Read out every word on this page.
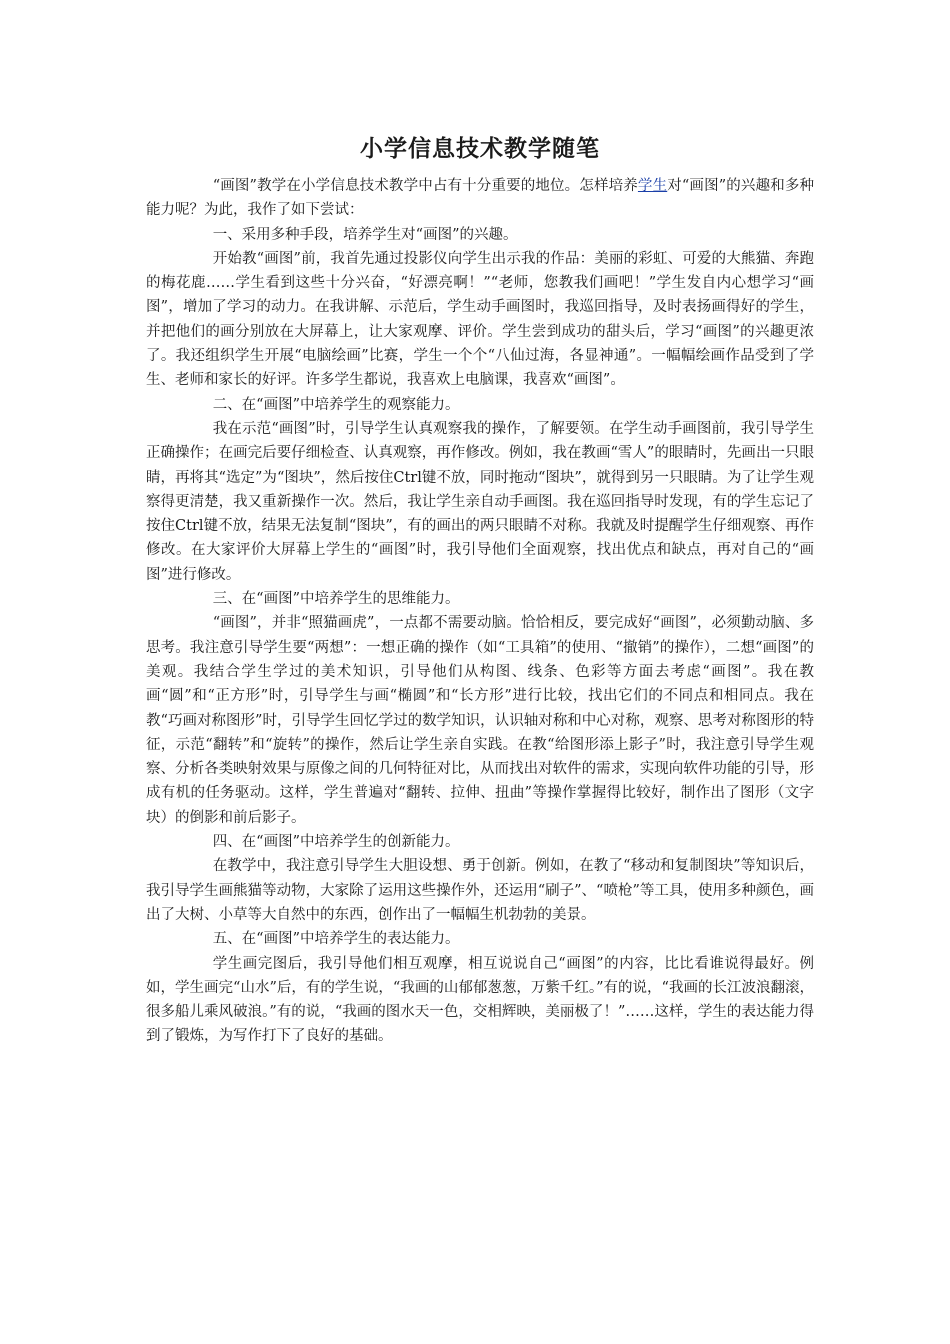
小学信息技术教学随笔

“画图”教学在小学信息技术教学中占有十分重要的地位。怎样培养学生对“画图”的兴趣和多种能力呢？为此，我作了如下尝试：

一、采用多种手段，培养学生对“画图”的兴趣。

开始教“画图”前，我首先通过投影仪向学生出示我的作品：美丽的彩虹、可爱的大熊猫、奔跑的梅花鹿……学生看到这些十分兴奋，“好漂亮啊！”“老师，您教我们画吧！”学生发自内心想学习“画图”，增加了学习的动力。在我讲解、示范后，学生动手画图时，我巡回指导，及时表扬画得好的学生，并把他们的画分别放在大屏幕上，让大家观摩、评价。学生尝到成功的甜头后，学习“画图”的兴趣更浓了。我还组织学生开展“电脑绘画”比赛，学生一个个“八仙过海，各显神通”。一幅幅绘画作品受到了学生、老师和家长的好评。许多学生都说，我喜欢上电脑课，我喜欢“画图”。

二、在“画图”中培养学生的观察能力。

我在示范“画图”时，引导学生认真观察我的操作，了解要领。在学生动手画图前，我引导学生正确操作；在画完后要仔细检查、认真观察，再作修改。例如，我在教画“雪人”的眼睛时，先画出一只眼睛，再将其“选定”为“图块”，然后按住Ctrl键不放，同时拖动“图块”，就得到另一只眼睛。为了让学生观察得更清楚，我又重新操作一次。然后，我让学生亲自动手画图。我在巡回指导时发现，有的学生忘记了按住Ctrl键不放，结果无法复制“图块”，有的画出的两只眼睛不对称。我就及时提醒学生仔细观察、再作修改。在大家评价大屏幕上学生的“画图”时，我引导他们全面观察，找出优点和缺点，再对自己的“画图”进行修改。

三、在“画图”中培养学生的思维能力。

“画图”，并非“照猫画虎”，一点都不需要动脑。恰恰相反，要完成好“画图”，必须勤动脑、多思考。我注意引导学生要“两想”：一想正确的操作（如“工具箱”的使用、“撤销”的操作），二想“画图”的美观。我结合学生学过的美术知识，引导他们从构图、线条、色彩等方面去考虑“画图”。我在教画“圆”和“正方形”时，引导学生与画“椭圆”和“长方形”进行比较，找出它们的不同点和相同点。我在教“巧画对称图形”时，引导学生回忆学过的数学知识，认识轴对称和中心对称，观察、思考对称图形的特征，示范“翻转”和“旋转”的操作，然后让学生亲自实践。在教“给图形添上影子”时，我注意引导学生观察、分析各类映射效果与原像之间的几何特征对比，从而找出对软件的需求，实现向软件功能的引导，形成有机的任务驱动。这样，学生普遍对“翻转、拉伸、扭曲”等操作掌握得比较好，制作出了图形（文字块）的倒影和前后影子。

四、在“画图”中培养学生的创新能力。

在教学中，我注意引导学生大胆设想、勇于创新。例如，在教了“移动和复制图块”等知识后，我引导学生画熊猫等动物，大家除了运用这些操作外，还运用“刷子”、“喷枪”等工具，使用多种颜色，画出了大树、小草等大自然中的东西，创作出了一幅幅生机勃勃的美景。

五、在“画图”中培养学生的表达能力。

学生画完图后，我引导他们相互观摩，相互说说自己“画图”的内容，比比看谁说得最好。例如，学生画完“山水”后，有的学生说，“我画的山郁郁葱葱，万紫千红。”有的说，“我画的长江波浪翻滚，很多船儿乘风破浪。”有的说，“我画的图水天一色，交相辉映，美丽极了！”……这样，学生的表达能力得到了锻炼，为写作打下了良好的基础。
